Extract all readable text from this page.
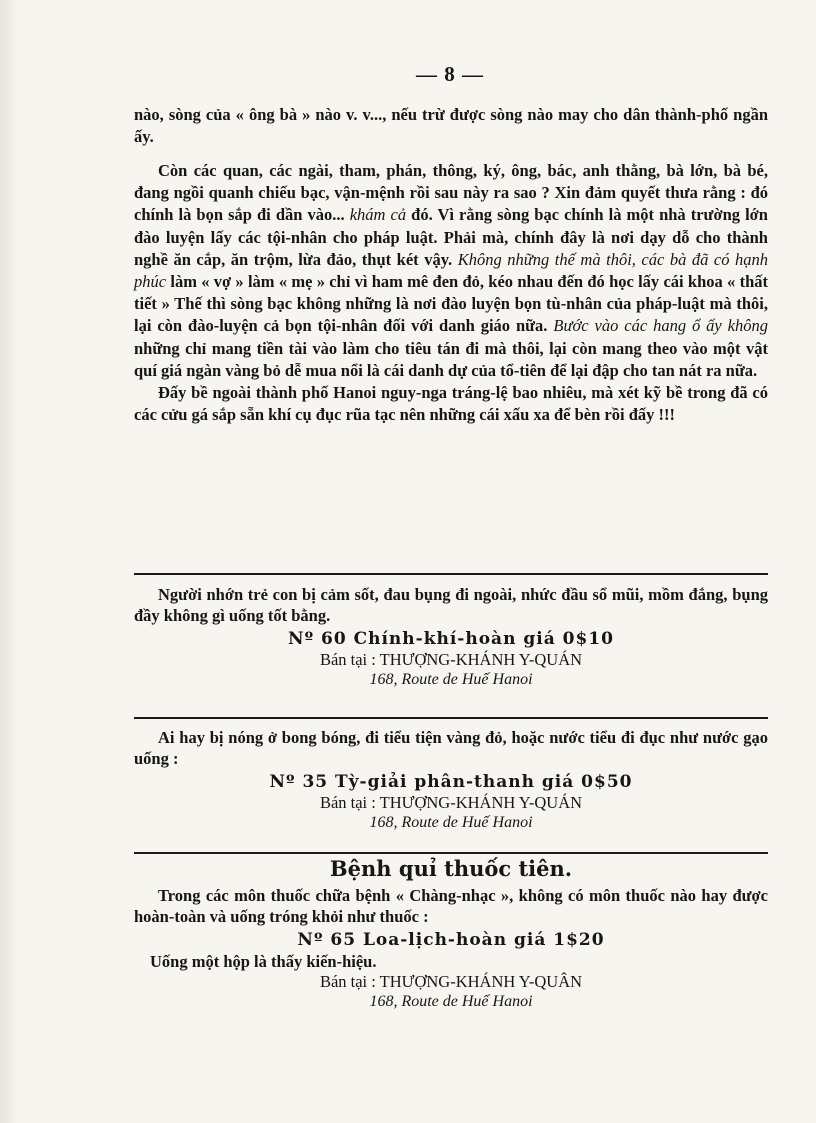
— 8 —

nào, sòng của « ông bà » nào v. v..., nếu trừ được sòng nào may cho dân thành-phố ngần ấy.

Còn các quan, các ngài, tham, phán, thông, ký, ông, bác, anh thằng, bà lớn, bà bé, đang ngồi quanh chiếu bạc, vận-mệnh rồi sau này ra sao ? Xin đảm quyết thưa rằng : đó chính là bọn sắp đi dần vào... khám cả đó. Vì rằng sòng bạc chính là một nhà trường lớn đào luyện lấy các tội-nhân cho pháp luật. Phải mà, chính đây là nơi dạy dỗ cho thành nghề ăn cắp, ăn trộm, lừa đảo, thụt két vậy. Không những thế mà thôi, các bà đã có hạnh phúc làm « vợ » làm « mẹ » chỉ vì ham mê đen đỏ, kéo nhau đến đó học lấy cái khoa « thất tiết » Thế thì sòng bạc không những là nơi đào luyện bọn tù-nhân của pháp-luật mà thôi, lại còn đào-luyện cả bọn tội-nhân đối với danh giáo nữa. Bước vào các hang ổ ấy không những chỉ mang tiền tài vào làm cho tiêu tán đi mà thôi, lại còn mang theo vào một vật quí giá ngàn vàng bỏ dễ mua nổi là cái danh dự của tổ-tiên để lại đập cho tan nát ra nữa.

Đấy bề ngoài thành phố Hanoi nguy-nga tráng-lệ bao nhiêu, mà xét kỹ bề trong đã có các cửu gá sắp sẵn khí cụ đục rũa tạc nên những cái xấu xa để bèn rồi đấy !!!

Người nhớn trẻ con bị cảm sốt, đau bụng đi ngoài, nhức đầu sổ mũi, mồm đắng, bụng đầy không gì uống tốt bằng.

Nº 60 Chính-khí-hoàn giá 0$10

Bán tại : THƯỢNG-KHÁNH Y-QUÁN

168, Route de Huế Hanoi

Ai hay bị nóng ở bong bóng, đi tiểu tiện vàng đỏ, hoặc nước tiểu đi đục như nước gạo uống :

Nº 35 Tỳ-giải phân-thanh giá 0$50

Bán tại : THƯỢNG-KHÁNH Y-QUÁN

168, Route de Huế Hanoi

Bệnh quỉ thuốc tiên.

Trong các môn thuốc chữa bệnh « Chàng-nhạc », không có môn thuốc nào hay được hoàn-toàn và uống tróng khỏi như thuốc :

Nº 65 Loa-lịch-hoàn giá 1$20

Uống một hộp là thấy kiến-hiệu.

Bán tại : THƯỢNG-KHÁNH Y-QUÂN

168, Route de Huế Hanoi
